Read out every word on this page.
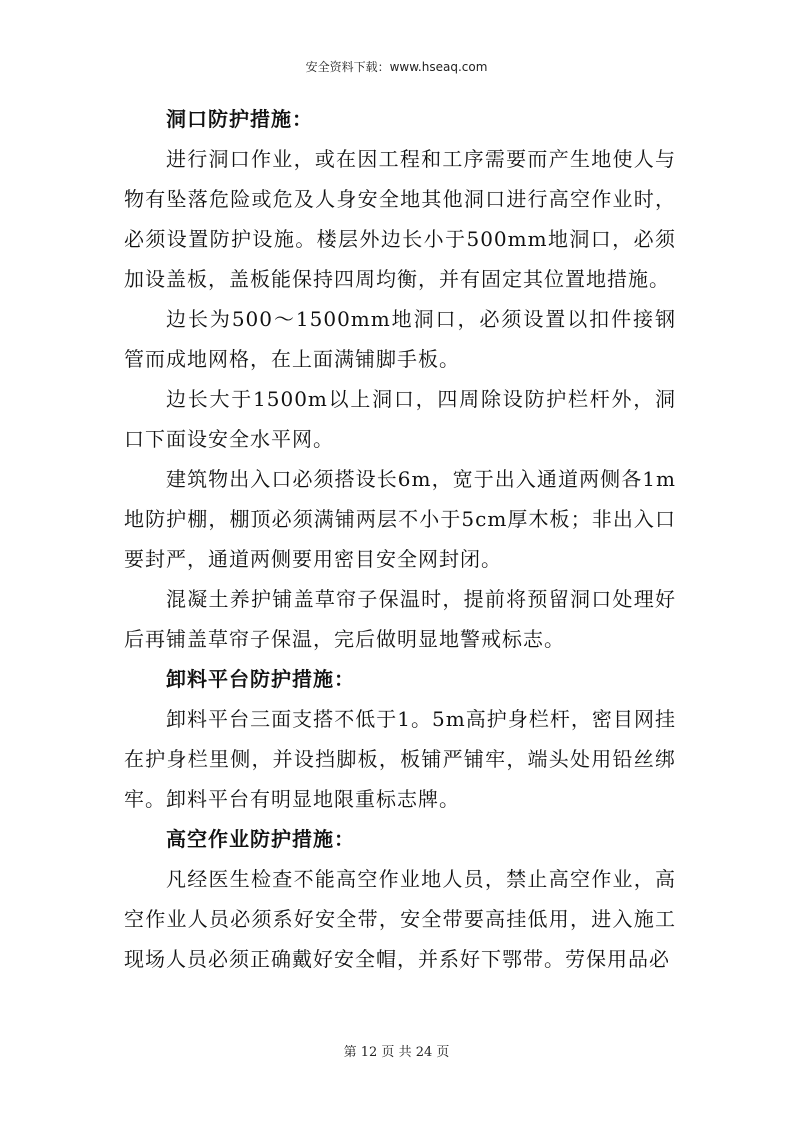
安全资料下载：www.hseaq.com
洞口防护措施：

进行洞口作业，或在因工程和工序需要而产生地使人与物有坠落危险或危及人身安全地其他洞口进行高空作业时，必须设置防护设施。楼层外边长小于500mm地洞口，必须加设盖板，盖板能保持四周均衡，并有固定其位置地措施。

边长为500～1500mm地洞口，必须设置以扣件接钢管而成地网格，在上面满铺脚手板。

边长大于1500m以上洞口，四周除设防护栏杆外，洞口下面设安全水平网。

建筑物出入口必须搭设长6m，宽于出入通道两侧各1m地防护棚，棚顶必须满铺两层不小于5cm厚木板；非出入口要封严，通道两侧要用密目安全网封闭。

混凝土养护铺盖草帘子保温时，提前将预留洞口处理好后再铺盖草帘子保温，完后做明显地警戒标志。

卸料平台防护措施：

卸料平台三面支搭不低于1。5m高护身栏杆，密目网挂在护身栏里侧，并设挡脚板，板铺严铺牢，端头处用铅丝绑牢。卸料平台有明显地限重标志牌。

高空作业防护措施：

凡经医生检查不能高空作业地人员，禁止高空作业，高空作业人员必须系好安全带，安全带要高挂低用，进入施工现场人员必须正确戴好安全帽，并系好下鄂带。劳保用品必

第 12 页 共 24 页
